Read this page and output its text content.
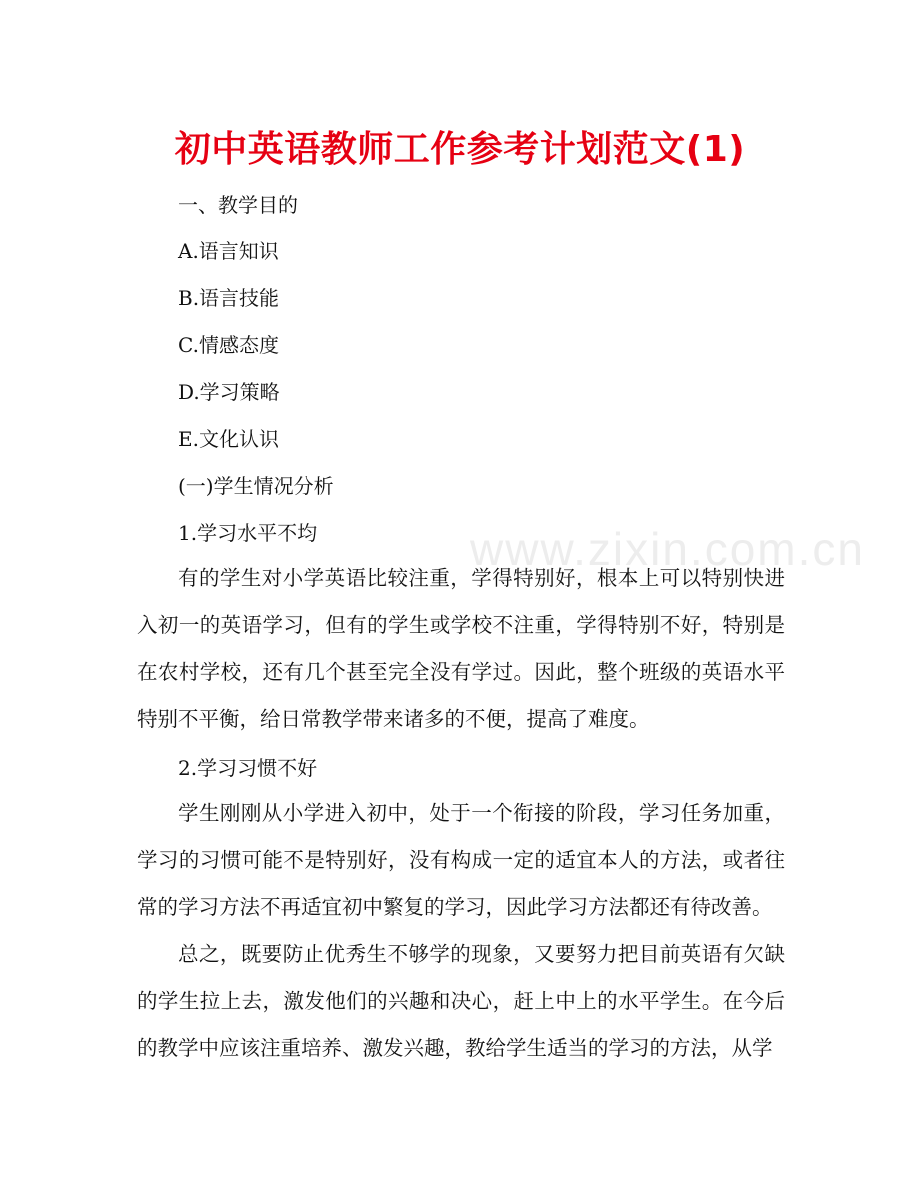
www.zixin.com.cn
初中英语教师工作参考计划范文(1)
一、教学目的
A.语言知识
B.语言技能
C.情感态度
D.学习策略
E.文化认识
(一)学生情况分析
1.学习水平不均
有的学生对小学英语比较注重，学得特别好，根本上可以特别快进入初一的英语学习，但有的学生或学校不注重，学得特别不好，特别是在农村学校，还有几个甚至完全没有学过。因此，整个班级的英语水平特别不平衡，给日常教学带来诸多的不便，提高了难度。
2.学习习惯不好
学生刚刚从小学进入初中，处于一个衔接的阶段，学习任务加重，学习的习惯可能不是特别好，没有构成一定的适宜本人的方法，或者往常的学习方法不再适宜初中繁复的学习，因此学习方法都还有待改善。
总之，既要防止优秀生不够学的现象，又要努力把目前英语有欠缺的学生拉上去，激发他们的兴趣和决心，赶上中上的水平学生。在今后的教学中应该注重培养、激发兴趣，教给学生适当的学习的方法，从学
